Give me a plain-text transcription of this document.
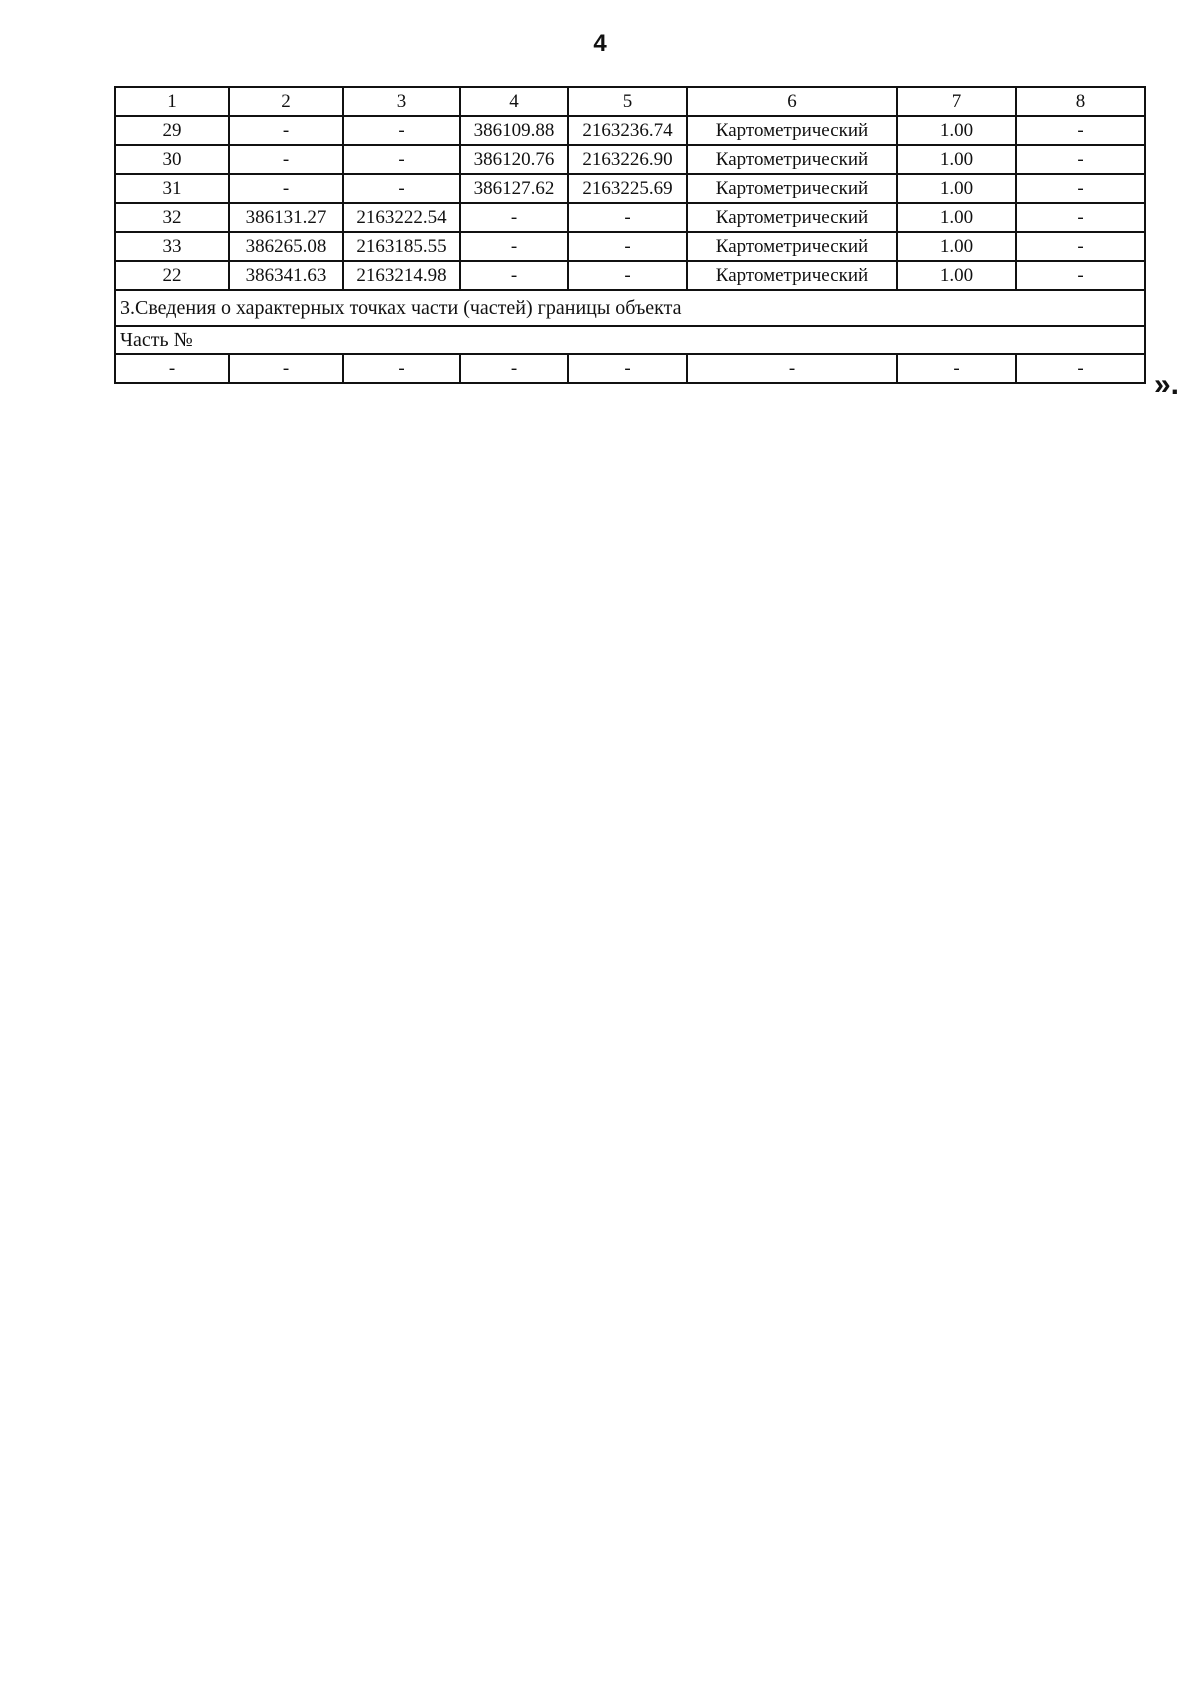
4
1	2	3	4	5	6	7	8
29	-	-	386109.88	2163236.74	Картометрический	1.00	-
30	-	-	386120.76	2163226.90	Картометрический	1.00	-
31	-	-	386127.62	2163225.69	Картометрический	1.00	-
32	386131.27	2163222.54	-	-	Картометрический	1.00	-
33	386265.08	2163185.55	-	-	Картометрический	1.00	-
22	386341.63	2163214.98	-	-	Картометрический	1.00	-
3.Сведения о характерных точках части (частей) границы объекта							
Часть №							
-	-	-	-	-	-	-	- ».
